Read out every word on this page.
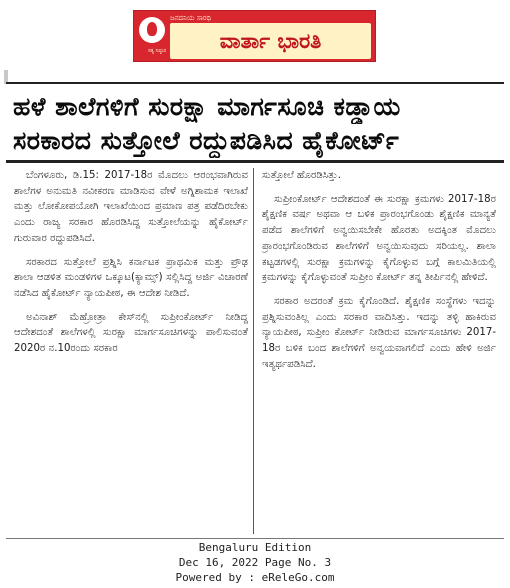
ಜನದನಿಯ ಸಾರಥಿ
ಸತ್ಯ ನಿಷ್ಠುರ	ವಾರ್ತಾ ಭಾರತಿ
ಹಳೆ ಶಾಲೆಗಳಿಗೆ ಸುರಕ್ಷಾ ಮಾರ್ಗಸೂಚಿ ಕಡ್ಡಾಯ
ಸರಕಾರದ ಸುತ್ತೋಲೆ ರದ್ದುಪಡಿಸಿದ ಹೈಕೋರ್ಟ್

ಬೆಂಗಳೂರು, ಡಿ.15: 2017-18ರ ಮೊದಲು ಆರಂಭವಾಗಿರುವ ಶಾಲೆಗಳ ಅನುಮತಿ ನವೀಕರಣ ಮಾಡಿಸುವ ವೇಳೆ ಅಗ್ನಿಶಾಮಕ ಇಲಾಖೆ ಮತ್ತು ಲೋಕೋಪಯೋಗಿ ಇಲಾಖೆಯಿಂದ ಪ್ರಮಾಣ ಪತ್ರ ಪಡೆದಿರಬೇಕು ಎಂದು ರಾಜ್ಯ ಸರಕಾರ ಹೊರಡಿಸಿದ್ದ ಸುತ್ತೋಲೆಯನ್ನು ಹೈಕೋರ್ಟ್ ಗುರುವಾರ ರದ್ದುಪಡಿಸಿದೆ.

ಸರಕಾರದ ಸುತ್ತೋಲೆ ಪ್ರಶ್ನಿಸಿ ಕರ್ನಾಟಕ ಪ್ರಾಥಮಿಕ ಮತ್ತು ಪ್ರೌಢ ಶಾಲಾ ಆಡಳಿತ ಮಂಡಳಿಗಳ ಒಕ್ಕೂಟ(ಕ್ಯಾಮ್ಸ್) ಸಲ್ಲಿಸಿದ್ದ ಅರ್ಜಿ ವಿಚಾರಣೆ ನಡೆಸಿದ ಹೈಕೋರ್ಟ್ ನ್ಯಾಯಪೀಠ, ಈ ಆದೇಶ ನೀಡಿದೆ.

ಅವಿನಾಶ್ ಮೆಹ್ರೋತ್ರಾ ಕೇಸ್‌ನಲ್ಲಿ ಸುಪ್ರೀಂಕೋರ್ಟ್ ನೀಡಿದ್ದ ಆದೇಶದಂತೆ ಶಾಲೆಗಳಲ್ಲಿ ಸುರಕ್ಷಾ ಮಾರ್ಗಸೂಚಿಗಳನ್ನು ಪಾಲಿಸುವಂತೆ 2020ರ ನ.10ರಂದು ಸರಕಾರ

ಸುತ್ತೋಲೆ ಹೊರಡಿಸಿತ್ತು.

ಸುಪ್ರೀಂಕೋರ್ಟ್ ಆದೇಶದಂತೆ ಈ ಸುರಕ್ಷಾ ಕ್ರಮಗಳು 2017-18ರ ಶೈಕ್ಷಣಿಕ ವರ್ಷ ಅಥವಾ ಆ ಬಳಿಕ ಪ್ರಾರಂಭಗೊಂಡು ಶೈಕ್ಷಣಿಕ ಮಾನ್ಯತೆ ಪಡೆದ ಶಾಲೆಗಳಿಗೆ ಅನ್ವಯಿಸಬೇಕೇ ಹೊರತು ಅದಕ್ಕಿಂತ ಮೊದಲು ಪ್ರಾರಂಭಗೊಂಡಿರುವ ಶಾಲೆಗಳಿಗೆ ಅನ್ವಯಿಸುವುದು ಸರಿಯಲ್ಲ. ಶಾಲಾ ಕಟ್ಟಡಗಳಲ್ಲಿ ಸುರಕ್ಷಾ ಕ್ರಮಗಳನ್ನು ಕೈಗೊಳ್ಳುವ ಬಗ್ಗೆ ಕಾಲಮಿತಿಯಲ್ಲಿ ಕ್ರಮಗಳನ್ನು ಕೈಗೊಳ್ಳುವಂತೆ ಸುಪ್ರೀಂ ಕೋರ್ಟ್ ತನ್ನ ತೀರ್ಪಿನಲ್ಲಿ ಹೇಳಿದೆ.

ಸರಕಾರ ಅದರಂತೆ ಕ್ರಮ ಕೈಗೊಂಡಿದೆ. ಶೈಕ್ಷಣಿಕ ಸಂಸ್ಥೆಗಳು ಇದನ್ನು ಪ್ರಶ್ನಿಸುವಂತಿಲ್ಲ ಎಂದು ಸರಕಾರ ವಾದಿಸಿತ್ತು. ಇದನ್ನು ತಳ್ಳಿ ಹಾಕಿರುವ ನ್ಯಾಯಪೀಠ, ಸುಪ್ರೀಂ ಕೋರ್ಟ್ ನೀಡಿರುವ ಮಾರ್ಗಸೂಚಿಗಳು 2017-18ರ ಬಳಿಕ ಬಂದ ಶಾಲೆಗಳಿಗೆ ಅನ್ವಯವಾಗಲಿದೆ ಎಂದು ಹೇಳಿ ಅರ್ಜಿ ಇತ್ಯರ್ಥಪಡಿಸಿದೆ.

Bengaluru Edition
Dec 16, 2022 Page No. 3
Powered by : eReleGo.com
